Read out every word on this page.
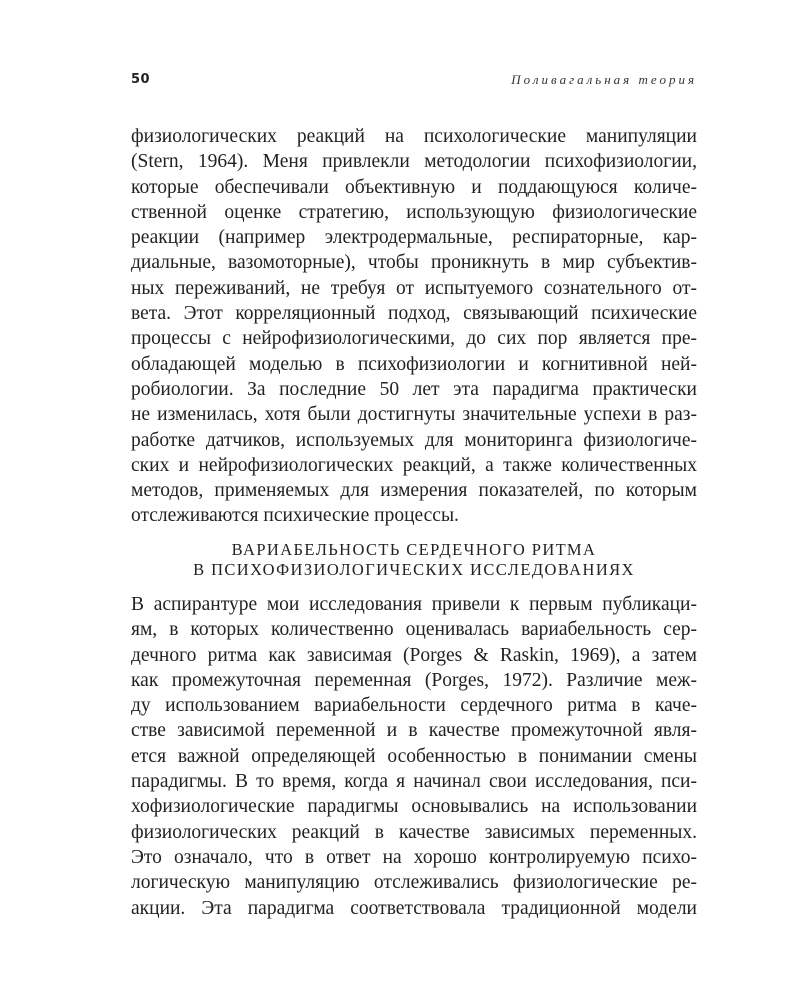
50	Поливагальная теория
физиологических реакций на психологические манипуляции
(Stern, 1964). Меня привлекли методологии психофизиологии,
которые обеспечивали объективную и поддающуюся количе-
ственной оценке стратегию, использующую физиологические
реакции (например электродермальные, респираторные, кар-
диальные, вазомоторные), чтобы проникнуть в мир субъектив-
ных переживаний, не требуя от испытуемого сознательного от-
вета. Этот корреляционный подход, связывающий психические
процессы с нейрофизиологическими, до сих пор является пре-
обладающей моделью в психофизиологии и когнитивной ней-
робиологии. За последние 50 лет эта парадигма практически
не изменилась, хотя были достигнуты значительные успехи в раз-
работке датчиков, используемых для мониторинга физиологиче-
ских и нейрофизиологических реакций, а также количественных
методов, применяемых для измерения показателей, по которым
отслеживаются психические процессы.
ВАРИАБЕЛЬНОСТЬ СЕРДЕЧНОГО РИТМА
В ПСИХОФИЗИОЛОГИЧЕСКИХ ИССЛЕДОВАНИЯХ
В аспирантуре мои исследования привели к первым публикаци-
ям, в которых количественно оценивалась вариабельность сер-
дечного ритма как зависимая (Porges & Raskin, 1969), а затем
как промежуточная переменная (Porges, 1972). Различие меж-
ду использованием вариабельности сердечного ритма в каче-
стве зависимой переменной и в качестве промежуточной явля-
ется важной определяющей особенностью в понимании смены
парадигмы. В то время, когда я начинал свои исследования, пси-
хофизиологические парадигмы основывались на использовании
физиологических реакций в качестве зависимых переменных.
Это означало, что в ответ на хорошо контролируемую психо-
логическую манипуляцию отслеживались физиологические ре-
акции. Эта парадигма соответствовала традиционной модели
